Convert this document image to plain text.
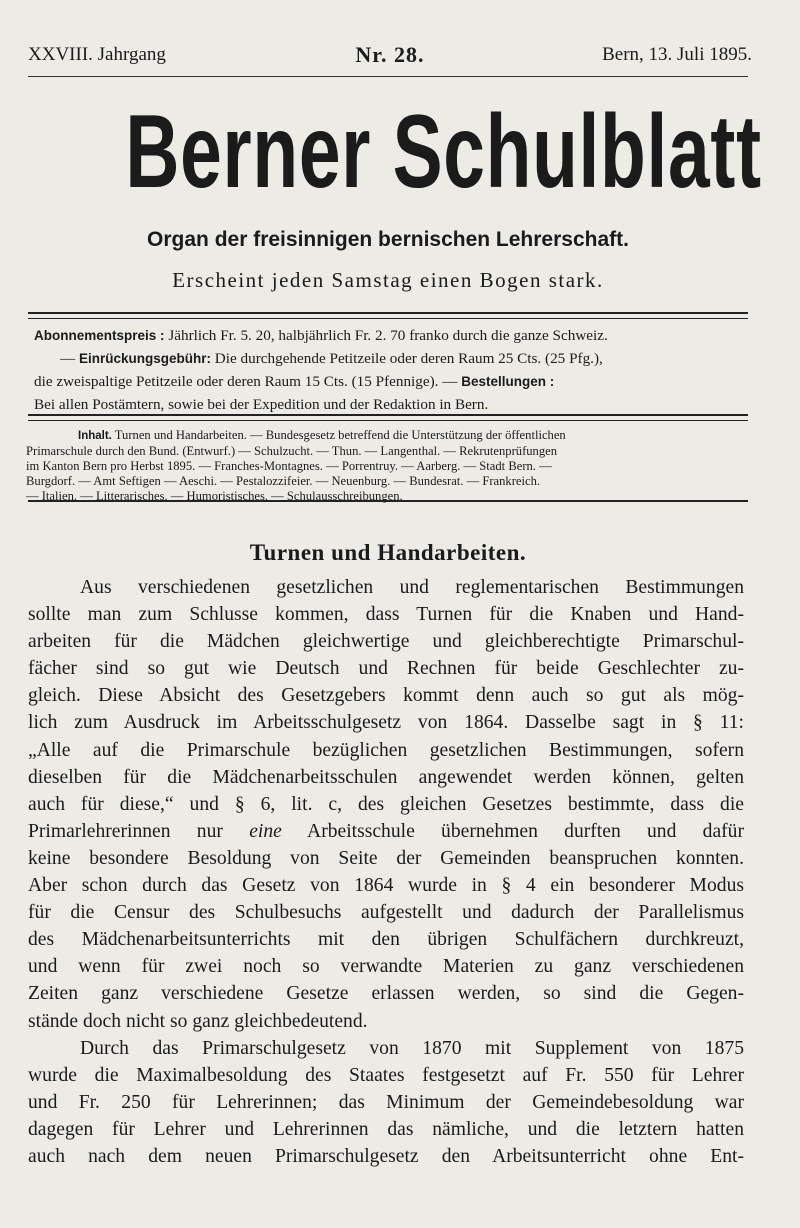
XXVIII. Jahrgang	Nr. 28.	Bern, 13. Juli 1895.
Berner Schulblatt
Organ der freisinnigen bernischen Lehrerschaft.
Erscheint jeden Samstag einen Bogen stark.
Abonnementspreis : Jährlich Fr. 5. 20, halbjährlich Fr. 2. 70 franko durch die ganze Schweiz.
— Einrückungsgebühr: Die durchgehende Petitzeile oder deren Raum 25 Cts. (25 Pfg.),
die zweispaltige Petitzeile oder deren Raum 15 Cts. (15 Pfennige). — Bestellungen :
Bei allen Postämtern, sowie bei der Expedition und der Redaktion in Bern.
Inhalt. Turnen und Handarbeiten. — Bundesgesetz betreffend die Unterstützung der öffentlichen
Primarschule durch den Bund. (Entwurf.) — Schulzucht. — Thun. — Langenthal. — Rekrutenprüfungen
im Kanton Bern pro Herbst 1895. — Franches-Montagnes. — Porrentruy. — Aarberg. — Stadt Bern. —
Burgdorf. — Amt Seftigen — Aeschi. — Pestalozzifeier. — Neuenburg. — Bundesrat. — Frankreich.
— Italien. — Litterarisches. — Humoristisches. — Schulausschreibungen.
Turnen und Handarbeiten.
Aus verschiedenen gesetzlichen und reglementarischen Bestimmungen
sollte man zum Schlusse kommen, dass Turnen für die Knaben und Hand-
arbeiten für die Mädchen gleichwertige und gleichberechtigte Primarschul-
fächer sind so gut wie Deutsch und Rechnen für beide Geschlechter zu-
gleich. Diese Absicht des Gesetzgebers kommt denn auch so gut als mög-
lich zum Ausdruck im Arbeitsschulgesetz von 1864. Dasselbe sagt in § 11:
„Alle auf die Primarschule bezüglichen gesetzlichen Bestimmungen, sofern
dieselben für die Mädchenarbeitsschulen angewendet werden können, gelten
auch für diese,“ und § 6, lit. c, des gleichen Gesetzes bestimmte, dass die
Primarlehrerinnen nur eine Arbeitsschule übernehmen durften und dafür
keine besondere Besoldung von Seite der Gemeinden beanspruchen konnten.
Aber schon durch das Gesetz von 1864 wurde in § 4 ein besonderer Modus
für die Censur des Schulbesuchs aufgestellt und dadurch der Parallelismus
des Mädchenarbeitsunterrichts mit den übrigen Schulfächern durchkreuzt,
und wenn für zwei noch so verwandte Materien zu ganz verschiedenen
Zeiten ganz verschiedene Gesetze erlassen werden, so sind die Gegen-
stände doch nicht so ganz gleichbedeutend.
Durch das Primarschulgesetz von 1870 mit Supplement von 1875
wurde die Maximalbesoldung des Staates festgesetzt auf Fr. 550 für Lehrer
und Fr. 250 für Lehrerinnen; das Minimum der Gemeindebesoldung war
dagegen für Lehrer und Lehrerinnen das nämliche, und die letztern hatten
auch nach dem neuen Primarschulgesetz den Arbeitsunterricht ohne Ent-
